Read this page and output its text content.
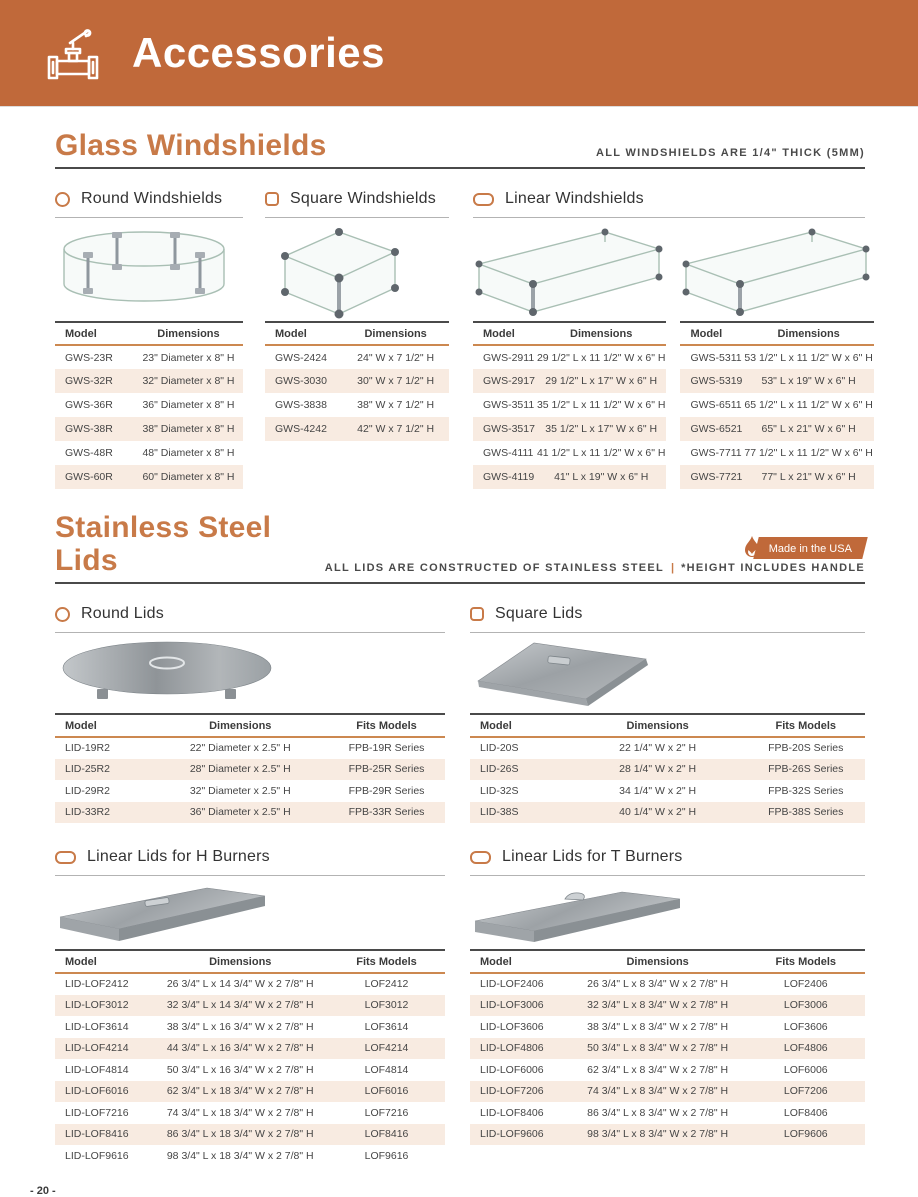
Accessories
Glass Windshields	ALL WINDSHIELDS ARE 1/4" THICK (5MM)
Round Windshields
Model	Dimensions
GWS-23R	23" Diameter x 8" H
GWS-32R	32" Diameter x 8" H
GWS-36R	36" Diameter x 8" H
GWS-38R	38" Diameter x 8" H
GWS-48R	48" Diameter x 8" H
GWS-60R	60" Diameter x 8" H
Square Windshields
Model	Dimensions
GWS-2424	24" W x 7 1/2" H
GWS-3030	30" W x 7 1/2" H
GWS-3838	38" W x 7 1/2" H
GWS-4242	42" W x 7 1/2" H
Linear Windshields
Model	Dimensions
GWS-2911	29 1/2" L x 11 1/2" W x 6" H
GWS-2917	29 1/2" L x 17" W x 6" H
GWS-3511	35 1/2" L x 11 1/2" W x 6" H
GWS-3517	35 1/2" L x 17" W x 6" H
GWS-4111	41 1/2" L x 11 1/2" W x 6" H
GWS-4119	41" L x 19" W x 6" H
Model	Dimensions
GWS-5311	53 1/2" L x 11 1/2" W x 6" H
GWS-5319	53" L x 19" W x 6" H
GWS-6511	65 1/2" L x 11 1/2" W x 6" H
GWS-6521	65" L x 21" W x 6" H
GWS-7711	77 1/2" L x 11 1/2" W x 6" H
GWS-7721	77" L x 21" W x 6" H
Stainless Steel Lids	Made in the USA
ALL LIDS ARE CONSTRUCTED OF STAINLESS STEEL | *HEIGHT INCLUDES HANDLE
Round Lids
Model	Dimensions	Fits Models
LID-19R2	22" Diameter x 2.5" H	FPB-19R Series
LID-25R2	28" Diameter x 2.5" H	FPB-25R Series
LID-29R2	32" Diameter x 2.5" H	FPB-29R Series
LID-33R2	36" Diameter x 2.5" H	FPB-33R Series
Square Lids
Model	Dimensions	Fits Models
LID-20S	22 1/4" W x 2" H	FPB-20S Series
LID-26S	28 1/4" W x 2" H	FPB-26S Series
LID-32S	34 1/4" W x 2" H	FPB-32S Series
LID-38S	40 1/4" W x 2" H	FPB-38S Series
Linear Lids for H Burners
Model	Dimensions	Fits Models
LID-LOF2412	26 3/4" L x 14 3/4" W x 2 7/8" H	LOF2412
LID-LOF3012	32 3/4" L x 14 3/4" W x 2 7/8" H	LOF3012
LID-LOF3614	38 3/4" L x 16 3/4" W x 2 7/8" H	LOF3614
LID-LOF4214	44 3/4" L x 16 3/4" W x 2 7/8" H	LOF4214
LID-LOF4814	50 3/4" L x 16 3/4" W x 2 7/8" H	LOF4814
LID-LOF6016	62 3/4" L x 18 3/4" W x 2 7/8" H	LOF6016
LID-LOF7216	74 3/4" L x 18 3/4" W x 2 7/8" H	LOF7216
LID-LOF8416	86 3/4" L x 18 3/4" W x 2 7/8" H	LOF8416
LID-LOF9616	98 3/4" L x 18 3/4" W x 2 7/8" H	LOF9616
Linear Lids for T Burners
Model	Dimensions	Fits Models
LID-LOF2406	26 3/4" L x 8 3/4" W x 2 7/8" H	LOF2406
LID-LOF3006	32 3/4" L x 8 3/4" W x 2 7/8" H	LOF3006
LID-LOF3606	38 3/4" L x 8 3/4" W x 2 7/8" H	LOF3606
LID-LOF4806	50 3/4" L x 8 3/4" W x 2 7/8" H	LOF4806
LID-LOF6006	62 3/4" L x 8 3/4" W x 2 7/8" H	LOF6006
LID-LOF7206	74 3/4" L x 8 3/4" W x 2 7/8" H	LOF7206
LID-LOF8406	86 3/4" L x 8 3/4" W x 2 7/8" H	LOF8406
LID-LOF9606	98 3/4" L x 8 3/4" W x 2 7/8" H	LOF9606
- 20 -
